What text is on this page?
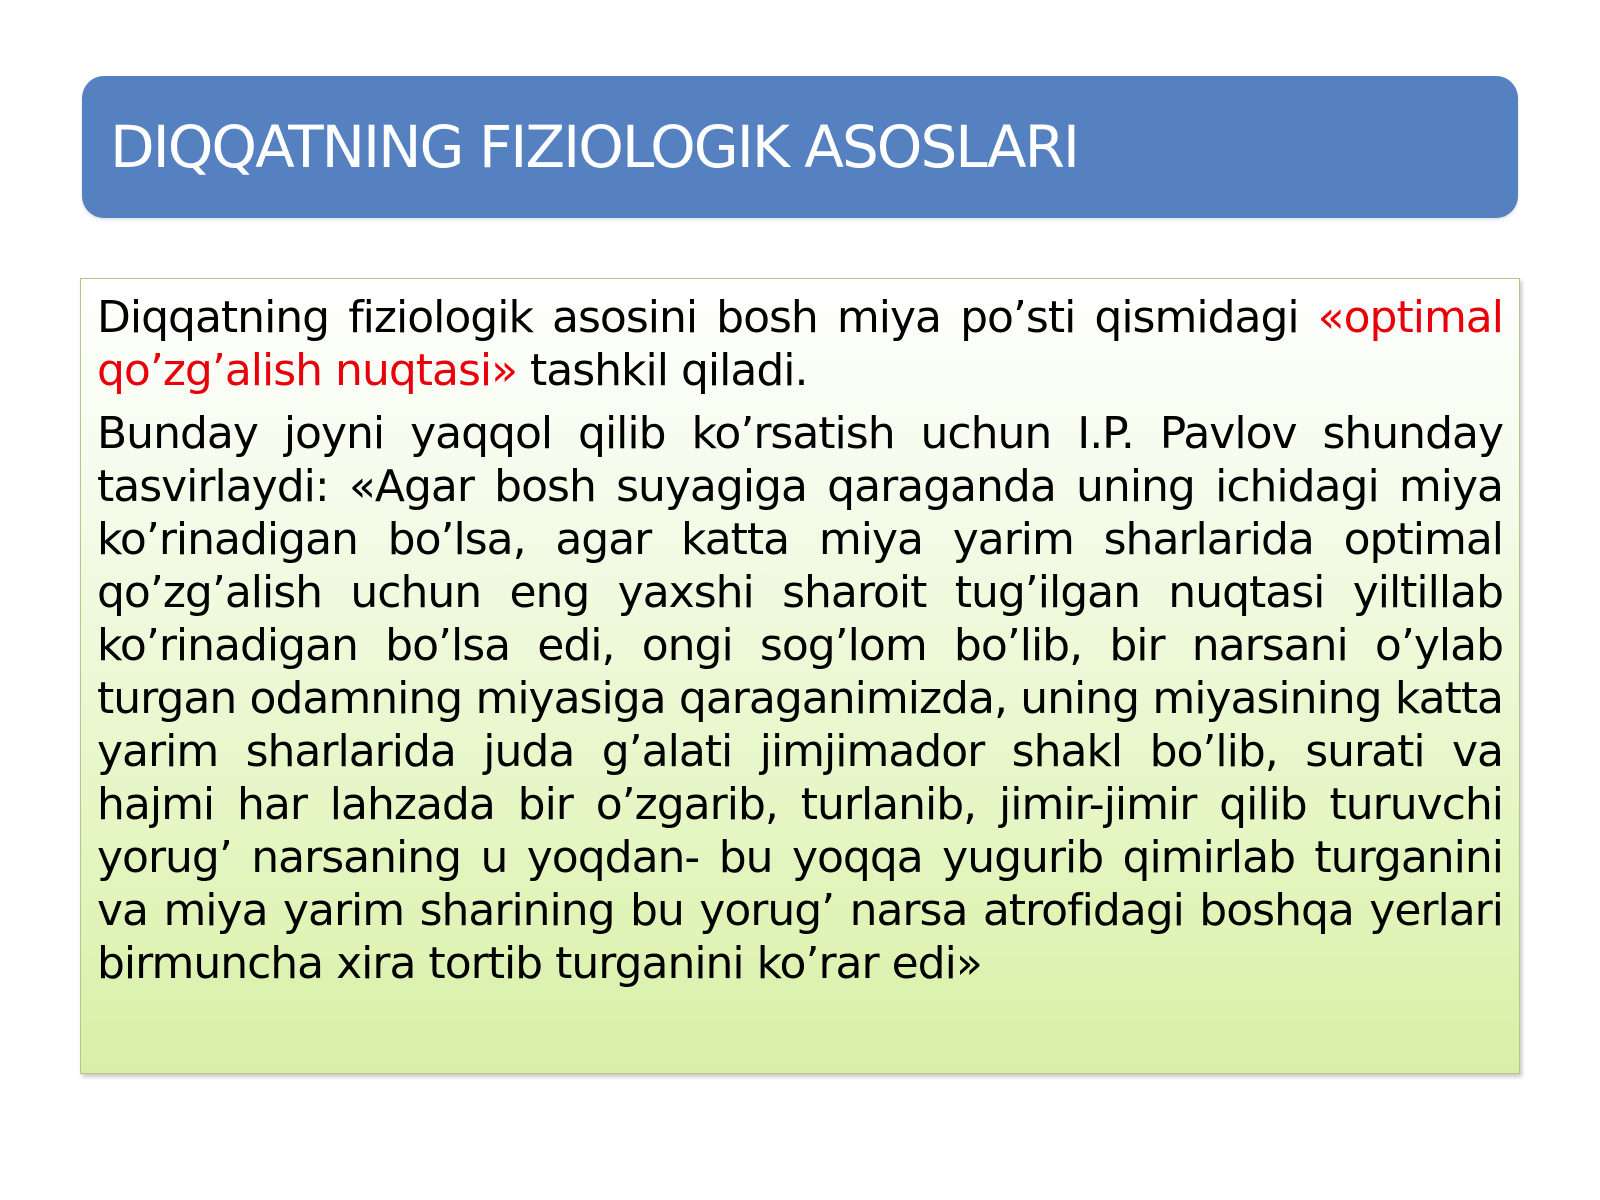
DIQQATNING FIZIOLOGIK ASOSLARI

Diqqatning fiziologik asosini bosh miya po’sti qismidagi «optimal qo’zg’alish nuqtasi» tashkil qiladi.

Bunday joyni yaqqol qilib ko’rsatish uchun I.P. Pavlov shunday tasvirlaydi: «Agar bosh suyagiga qaraganda uning ichidagi miya ko’rinadigan bo’lsa, agar katta miya yarim sharlarida optimal qo’zg’alish uchun eng yaxshi sharoit tug’ilgan nuqtasi yiltillab ko’rinadigan bo’lsa edi, ongi sog’lom bo’lib, bir narsani o’ylab turgan odamning miyasiga qaraganimizda, uning miyasining katta yarim sharlarida juda g’alati jimjimador shakl bo’lib, surati va hajmi har lahzada bir o’zgarib, turlanib, jimir-jimir qilib turuvchi yorug’ narsaning u yoqdan- bu yoqqa yugurib qimirlab turganini va miya yarim sharining bu yorug’ narsa atrofidagi boshqa yerlari birmuncha xira tortib turganini ko’rar edi»
